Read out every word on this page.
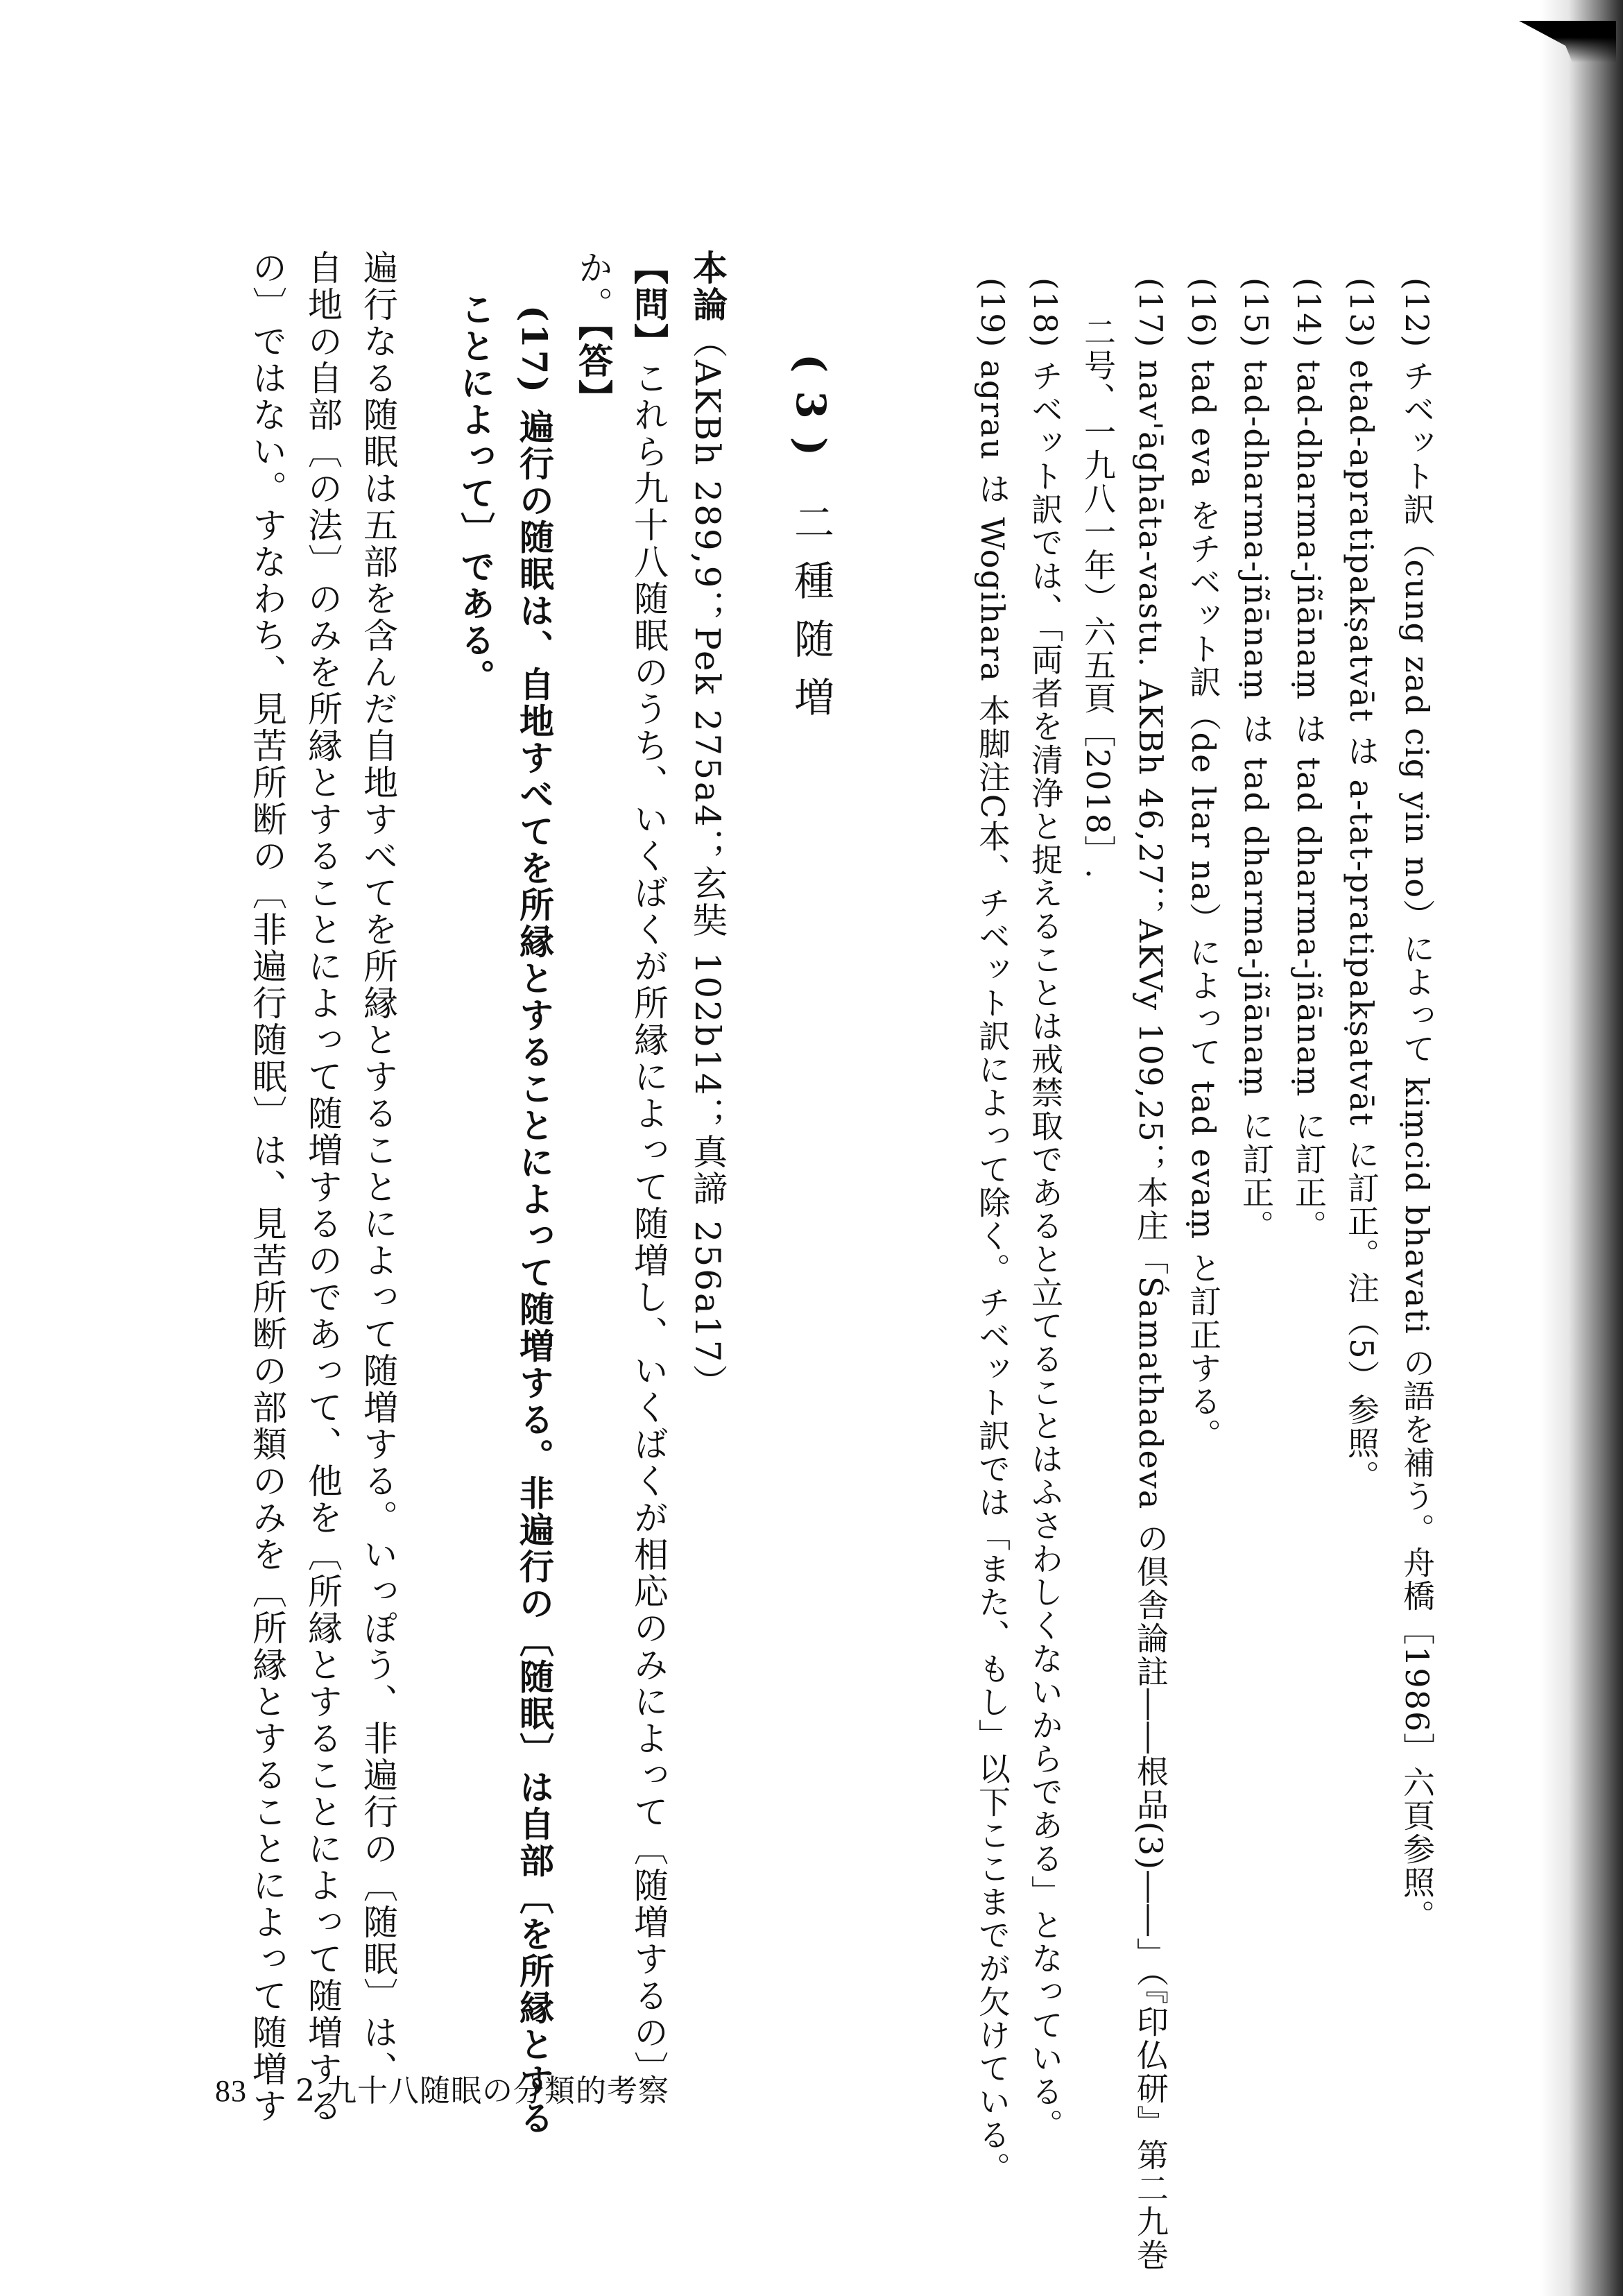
(12)チベット訳（cung zad cig yin no）によって kiṃcid bhavati の語を補う。舟橋［1986］六頁参照。
(13)etad-apratipakṣatvāt は a-tat-pratipakṣatvāt に訂正。注（5）参照。
(14)tad-dharma-jñānaṃ は tad dharma-jñānaṃ に訂正。
(15)tad-dharma-jñānaṃ は tad dharma-jñānaṃ に訂正。
(16)tad eva をチベット訳（de ltar na）によって tad evaṃ と訂正する。
(17)nav'āghāta-vastu. AKBh 46,27；AKVy 109,25；本庄「Śamathadeva の倶舎論註――根品(3)――」（『印仏研』第二九巻
二号、一九八一年）六五頁［2018］.
(18)チベット訳では、「両者を清浄と捉えることは戒禁取であると立てることはふさわしくないからである」となっている。
(19)agrau は Wogihara 本脚注C本、チベット訳によって除く。チベット訳では「また、もし」以下ここまでが欠けている。
(3)二種随増
本論（AKBh 289,9；Pek 275a4；玄奘 102b14；真諦 256a17）
【問】これら九十八随眠のうち、いくばくが所縁によって随増し、いくばくが相応のみによって〔随増するの〕
か。【答】
(17) 遍行の随眠は、自地すべてを所縁とすることによって随増する。非遍行の〔随眠〕は自部〔を所縁とする
ことによって〕である。
遍行なる随眠は五部を含んだ自地すべてを所縁とすることによって随増する。いっぽう、非遍行の〔随眠〕は、
自地の自部〔の法〕のみを所縁とすることによって随増するのであって、他を〔所縁とすることによって随増する
の〕ではない。すなわち、見苦所断の〔非遍行随眠〕は、見苦所断の部類のみを〔所縁とすることによって随増す
83 2 九十八随眠の分類的考察
